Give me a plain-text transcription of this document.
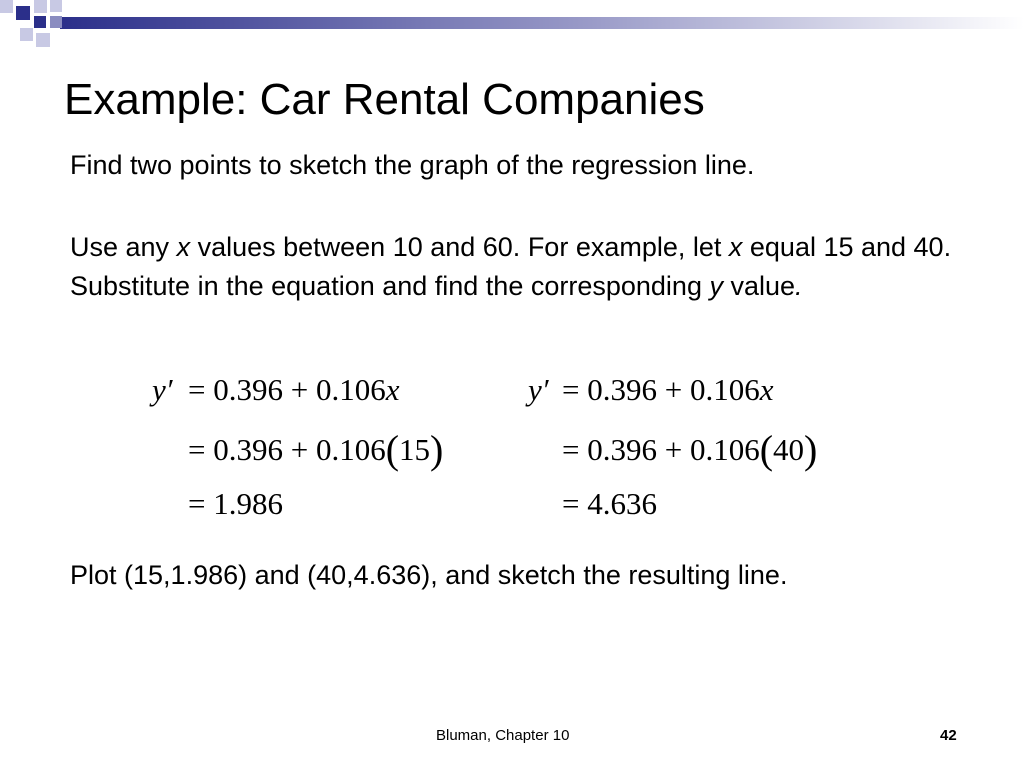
Example: Car Rental Companies

Find two points to sketch the graph of the regression line.

Use any x values between 10 and 60. For example, let x equal 15 and 40. Substitute in the equation and find the corresponding y value.

y′ = 0.396 + 0.106x
= 0.396 + 0.106(15)
= 1.986
y′ = 0.396 + 0.106x
= 0.396 + 0.106(40)
= 4.636

Plot (15,1.986) and (40,4.636), and sketch the resulting line.

Bluman, Chapter 10	42
